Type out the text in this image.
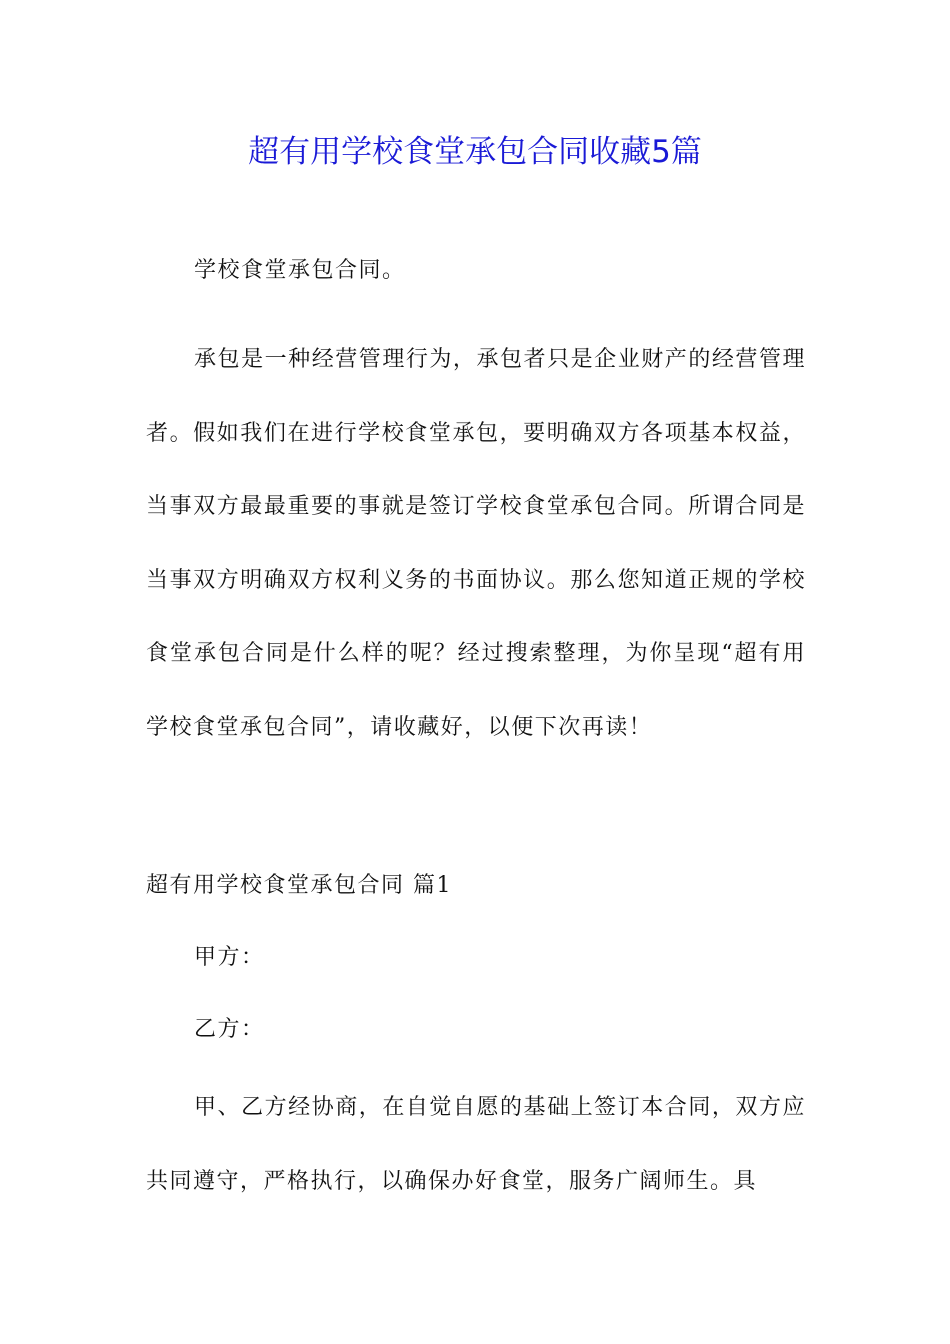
超有用学校食堂承包合同收藏5篇

学校食堂承包合同。

承包是一种经营管理行为，承包者只是企业财产的经营管理者。假如我们在进行学校食堂承包，要明确双方各项基本权益，当事双方最最重要的事就是签订学校食堂承包合同。所谓合同是当事双方明确双方权利义务的书面协议。那么您知道正规的学校食堂承包合同是什么样的呢？经过搜索整理，为你呈现“超有用学校食堂承包合同”，请收藏好，以便下次再读！

超有用学校食堂承包合同 篇1

甲方：

乙方：

甲、乙方经协商，在自觉自愿的基础上签订本合同，双方应共同遵守，严格执行，以确保办好食堂，服务广阔师生。具
